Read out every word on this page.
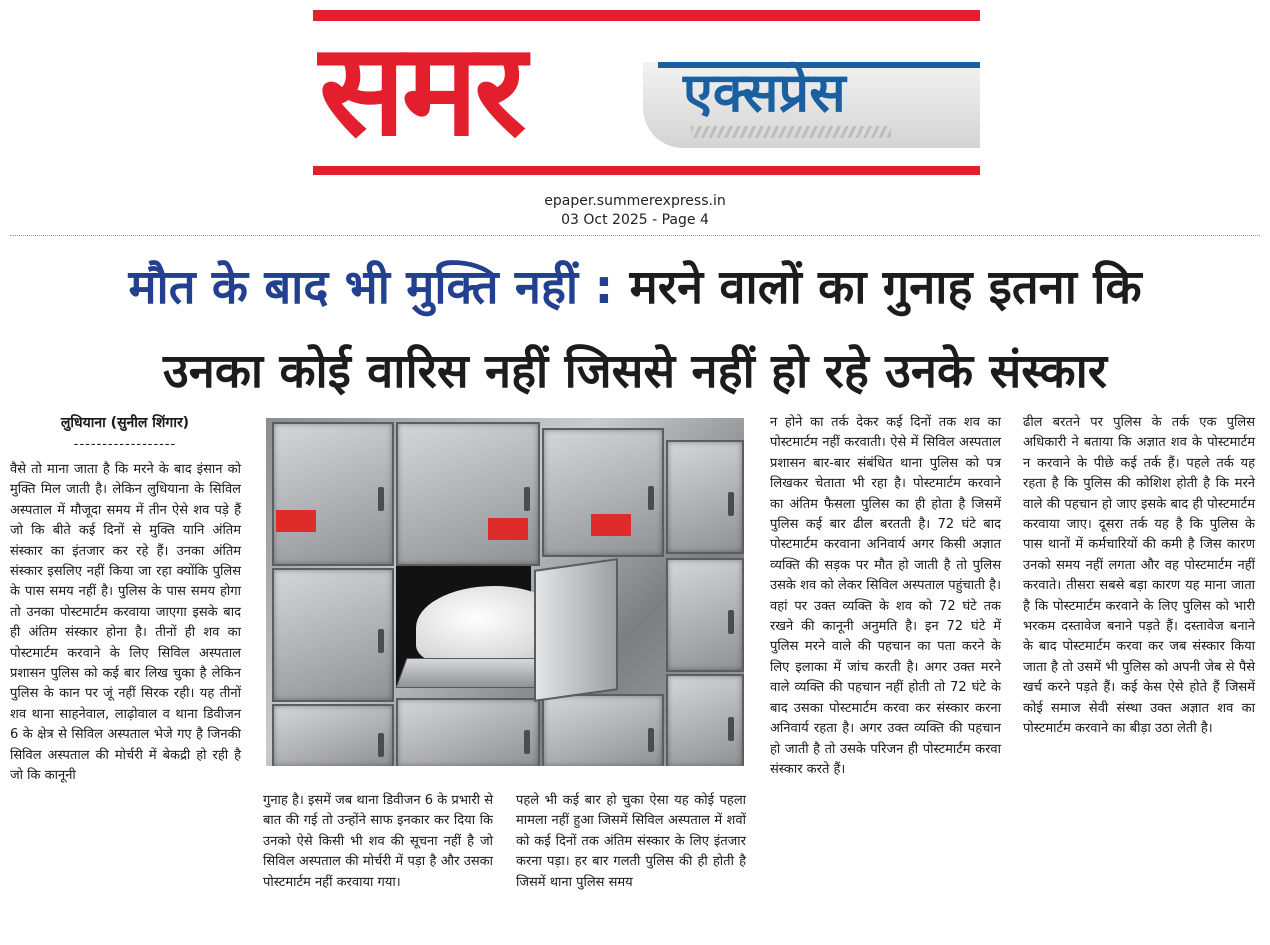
समर	एक्सप्रेस
www.summerexpress.in
↖
epaper.summerexpress.in
03 Oct 2025 - Page 4
मौत के बाद भी मुक्ति नहीं : मरने वालों का गुनाह इतना कि
उनका कोई वारिस नहीं जिससे नहीं हो रहे उनके संस्कार
लुधियाना (सुनील शिंगार)
------------------

वैसे तो माना जाता है कि मरने के बाद इंसान को मुक्ति मिल जाती है। लेकिन लुधियाना के सिविल अस्पताल में मौजूदा समय में तीन ऐसे शव पड़े हैं जो कि बीते कई दिनों से मुक्ति यानि अंतिम संस्कार का इंतजार कर रहे हैं। उनका अंतिम संस्कार इसलिए नहीं किया जा रहा क्योंकि पुलिस के पास समय नहीं है। पुलिस के पास समय होगा तो उनका पोस्टमार्टम करवाया जाएगा इसके बाद ही अंतिम संस्कार होना है। तीनों ही शव का पोस्टमार्टम करवाने के लिए सिविल अस्पताल प्रशासन पुलिस को कई बार लिख चुका है लेकिन पुलिस के कान पर जूं नहीं सिरक रही। यह तीनों शव थाना साहनेवाल, लाढ़ोवाल व थाना डिवीजन 6 के क्षेत्र से सिविल अस्पताल भेजे गए है जिनकी सिविल अस्पताल की मोर्चरी में बेकद्री हो रही है जो कि कानूनी

गुनाह है। इसमें जब थाना डिवीजन 6 के प्रभारी से बात की गई तो उन्होंने साफ इनकार कर दिया कि उनको ऐसे किसी भी शव की सूचना नहीं है जो सिविल अस्पताल की मोर्चरी में पड़ा है और उसका पोस्टमार्टम नहीं करवाया गया।

पहले भी कई बार हो चुका ऐसा यह कोई पहला मामला नहीं हुआ जिसमें सिविल अस्पताल में शवों को कई दिनों तक अंतिम संस्कार के लिए इंतजार करना पड़ा। हर बार गलती पुलिस की ही होती है जिसमें थाना पुलिस समय

न होने का तर्क देकर कई दिनों तक शव का पोस्टमार्टम नहीं करवाती। ऐसे में सिविल अस्पताल प्रशासन बार-बार संबंधित थाना पुलिस को पत्र लिखकर चेताता भी रहा है। पोस्टमार्टम करवाने का अंतिम फैसला पुलिस का ही होता है जिसमें पुलिस कई बार ढील बरतती है। 72 घंटे बाद पोस्टमार्टम करवाना अनिवार्य अगर किसी अज्ञात व्यक्ति की सड़क पर मौत हो जाती है तो पुलिस उसके शव को लेकर सिविल अस्पताल पहुंचाती है। वहां पर उक्त व्यक्ति के शव को 72 घंटे तक रखने की कानूनी अनुमति है। इन 72 घंटे में पुलिस मरने वाले की पहचान का पता करने के लिए इलाका में जांच करती है। अगर उक्त मरने वाले व्यक्ति की पहचान नहीं होती तो 72 घंटे के बाद उसका पोस्टमार्टम करवा कर संस्कार करना अनिवार्य रहता है। अगर उक्त व्यक्ति की पहचान हो जाती है तो उसके परिजन ही पोस्टमार्टम करवा संस्कार करते हैं।

ढील बरतने पर पुलिस के तर्क एक पुलिस अधिकारी ने बताया कि अज्ञात शव के पोस्टमार्टम न करवाने के पीछे कई तर्क हैं। पहले तर्क यह रहता है कि पुलिस की कोशिश होती है कि मरने वाले की पहचान हो जाए इसके बाद ही पोस्टमार्टम करवाया जाए। दूसरा तर्क यह है कि पुलिस के पास थानों में कर्मचारियों की कमी है जिस कारण उनको समय नहीं लगता और वह पोस्टमार्टम नहीं करवाते। तीसरा सबसे बड़ा कारण यह माना जाता है कि पोस्टमार्टम करवाने के लिए पुलिस को भारी भरकम दस्तावेज बनाने पड़ते हैं। दस्तावेज बनाने के बाद पोस्टमार्टम करवा कर जब संस्कार किया जाता है तो उसमें भी पुलिस को अपनी जेब से पैसे खर्च करने पड़ते हैं। कई केस ऐसे होते हैं जिसमें कोई समाज सेवी संस्था उक्त अज्ञात शव का पोस्टमार्टम करवाने का बीड़ा उठा लेती है।
